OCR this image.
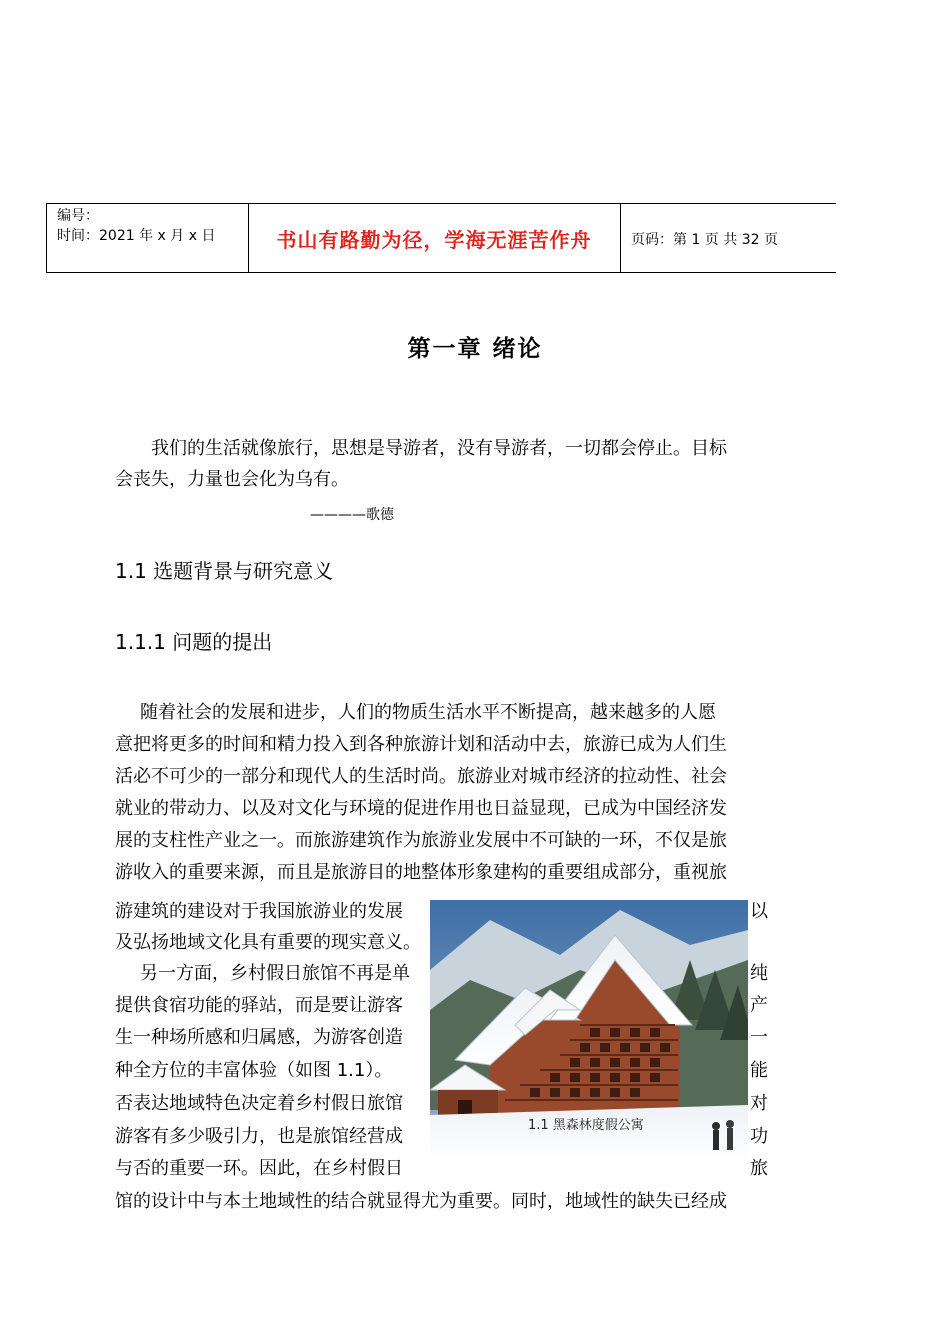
编号：
时间：2021 年 x 月 x 日	书山有路勤为径，学海无涯苦作舟	页码：第 1 页 共 32 页
第一章 绪论
我们的生活就像旅行，思想是导游者，没有导游者，一切都会停止。目标
会丧失，力量也会化为乌有。
————歌德
1.1 选题背景与研究意义
1.1.1 问题的提出
随着社会的发展和进步，人们的物质生活水平不断提高，越来越多的人愿
意把将更多的时间和精力投入到各种旅游计划和活动中去，旅游已成为人们生
活必不可少的一部分和现代人的生活时尚。旅游业对城市经济的拉动性、社会
就业的带动力、以及对文化与环境的促进作用也日益显现，已成为中国经济发
展的支柱性产业之一。而旅游建筑作为旅游业发展中不可缺的一环，不仅是旅
游收入的重要来源，而且是旅游目的地整体形象建构的重要组成部分，重视旅
游建筑的建设对于我国旅游业的发展	以
及弘扬地域文化具有重要的现实意义。
另一方面，乡村假日旅馆不再是单	纯
提供食宿功能的驿站，而是要让游客	产
生一种场所感和归属感，为游客创造	一
种全方位的丰富体验（如图 1.1）。	能
否表达地域特色决定着乡村假日旅馆	对
游客有多少吸引力，也是旅馆经营成	功
与否的重要一环。因此，在乡村假日	旅
馆的设计中与本土地域性的结合就显得尤为重要。同时，地域性的缺失已经成
1.1 黑森林度假公寓
